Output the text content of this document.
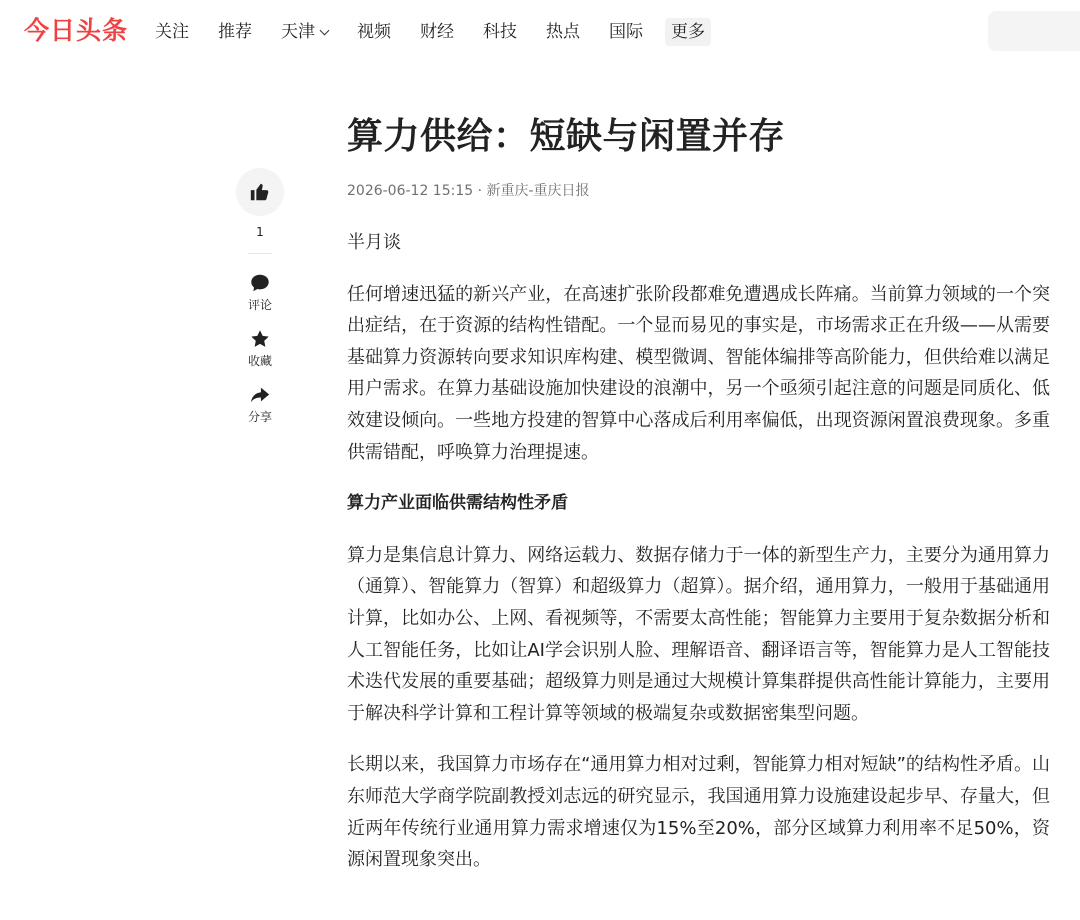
今日头条 关注 推荐 天津 视频 财经 科技 热点 国际 更多
1
评论
收藏
分享
算力供给：短缺与闲置并存
2026-06-12 15:15 · 新重庆-重庆日报

半月谈

任何增速迅猛的新兴产业，在高速扩张阶段都难免遭遇成长阵痛。当前算力领域的一个突出症结，在于资源的结构性错配。一个显而易见的事实是，市场需求正在升级——从需要基础算力资源转向要求知识库构建、模型微调、智能体编排等高阶能力，但供给难以满足用户需求。在算力基础设施加快建设的浪潮中，另一个亟须引起注意的问题是同质化、低效建设倾向。一些地方投建的智算中心落成后利用率偏低，出现资源闲置浪费现象。多重供需错配，呼唤算力治理提速。

算力产业面临供需结构性矛盾

算力是集信息计算力、网络运载力、数据存储力于一体的新型生产力，主要分为通用算力（通算）、智能算力（智算）和超级算力（超算）。据介绍，通用算力，一般用于基础通用计算，比如办公、上网、看视频等，不需要太高性能；智能算力主要用于复杂数据分析和人工智能任务，比如让AI学会识别人脸、理解语音、翻译语言等，智能算力是人工智能技术迭代发展的重要基础；超级算力则是通过大规模计算集群提供高性能计算能力，主要用于解决科学计算和工程计算等领域的极端复杂或数据密集型问题。

长期以来，我国算力市场存在“通用算力相对过剩，智能算力相对短缺”的结构性矛盾。山东师范大学商学院副教授刘志远的研究显示，我国通用算力设施建设起步早、存量大，但近两年传统行业通用算力需求增速仅为15%至20%，部分区域算力利用率不足50%，资源闲置现象突出。
